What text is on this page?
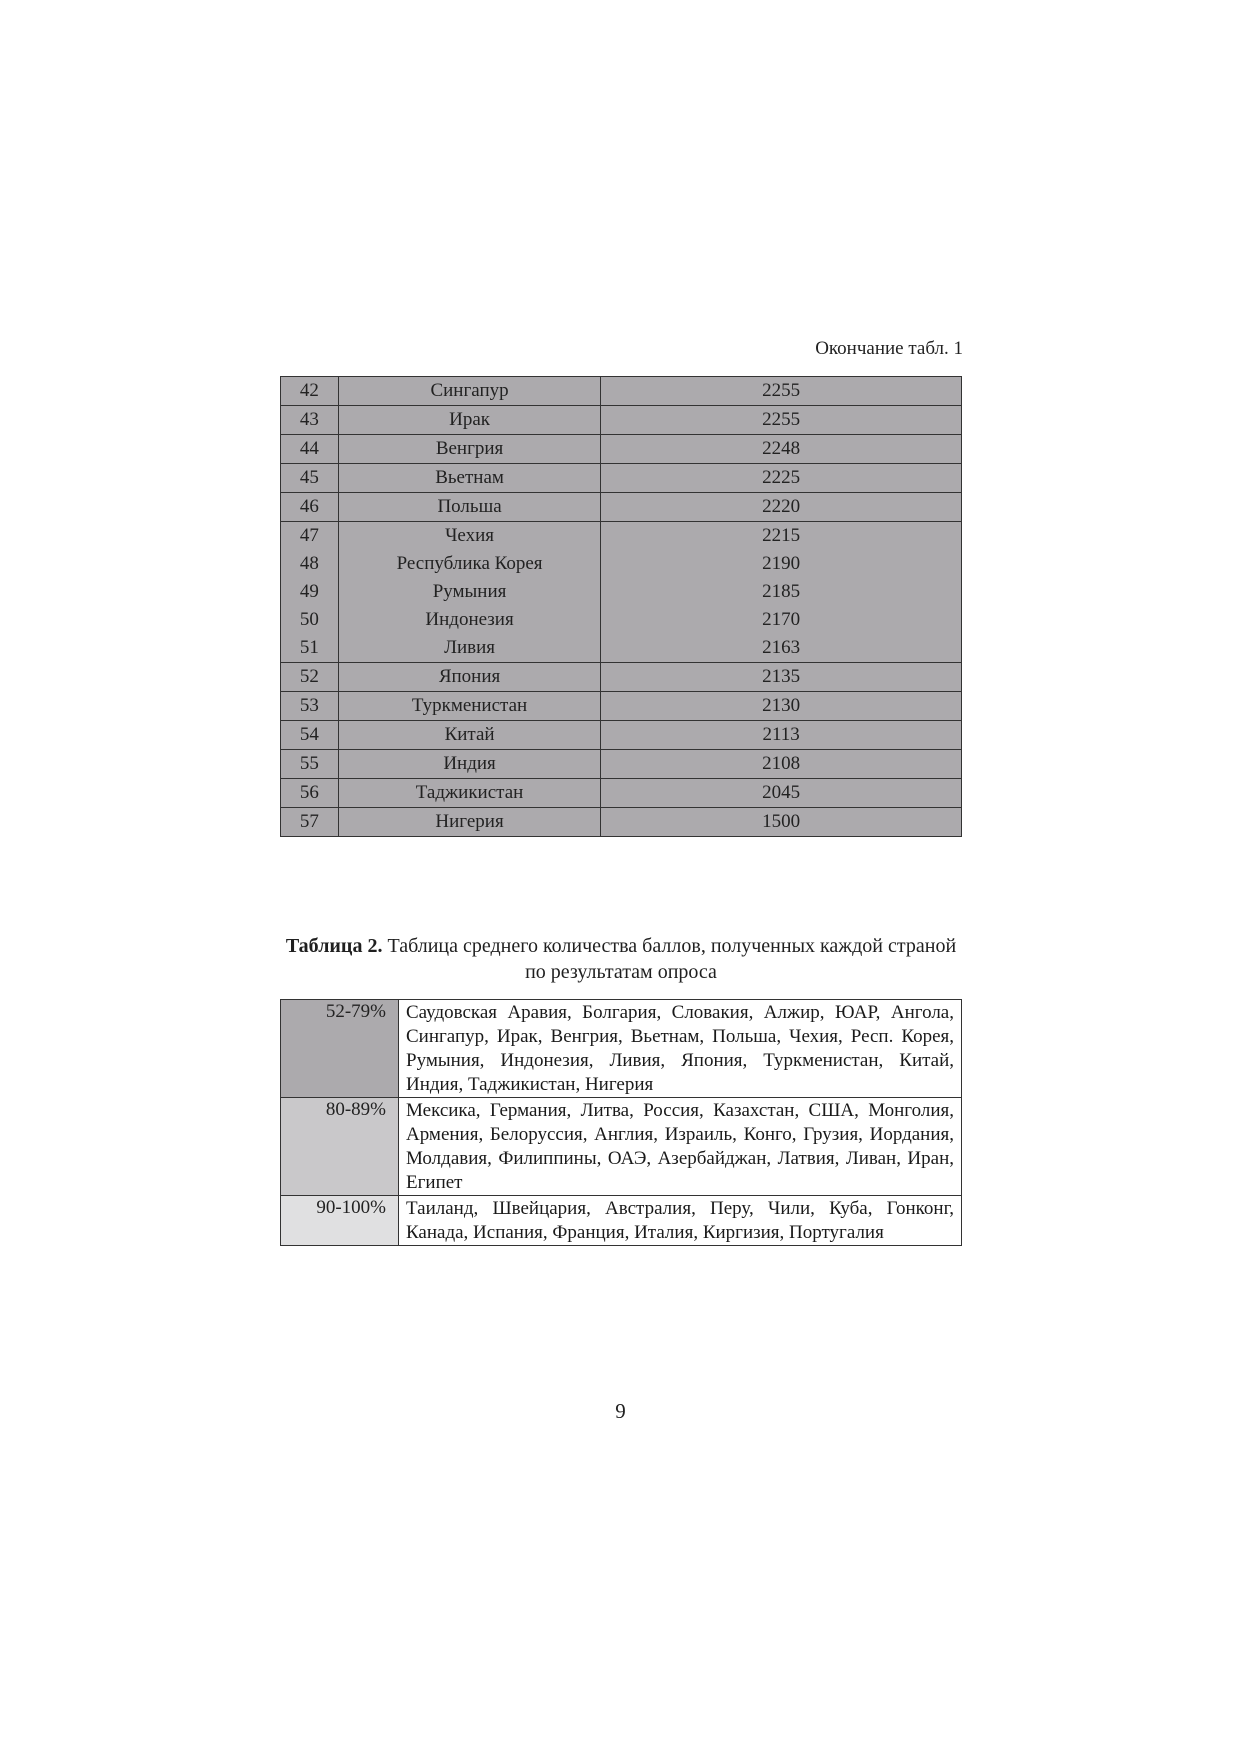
Окончание табл. 1
42	Сингапур	2255
43	Ирак	2255
44	Венгрия	2248
45	Вьетнам	2225
46	Польша	2220
47	Чехия	2215
48	Республика Корея	2190
49	Румыния	2185
50	Индонезия	2170
51	Ливия	2163
52	Япония	2135
53	Туркменистан	2130
54	Китай	2113
55	Индия	2108
56	Таджикистан	2045
57	Нигерия	1500
Таблица 2. Таблица среднего количества баллов, полученных каждой страной по результатам опроса
52-79%	Саудовская Аравия, Болгария, Словакия, Алжир, ЮАР, Ангола, Сингапур, Ирак, Венгрия, Вьетнам, Польша, Чехия, Респ. Корея, Румыния, Индонезия, Ливия, Япония, Туркменистан, Китай, Индия, Таджикистан, Нигерия
80-89%	Мексика, Германия, Литва, Россия, Казахстан, США, Монголия, Армения, Белоруссия, Англия, Израиль, Конго, Грузия, Иордания, Молдавия, Филиппины, ОАЭ, Азербайджан, Латвия, Ливан, Иран, Египет
90-100%	Таиланд, Швейцария, Австралия, Перу, Чили, Куба, Гонконг, Канада, Испания, Франция, Италия, Киргизия, Португалия
9
